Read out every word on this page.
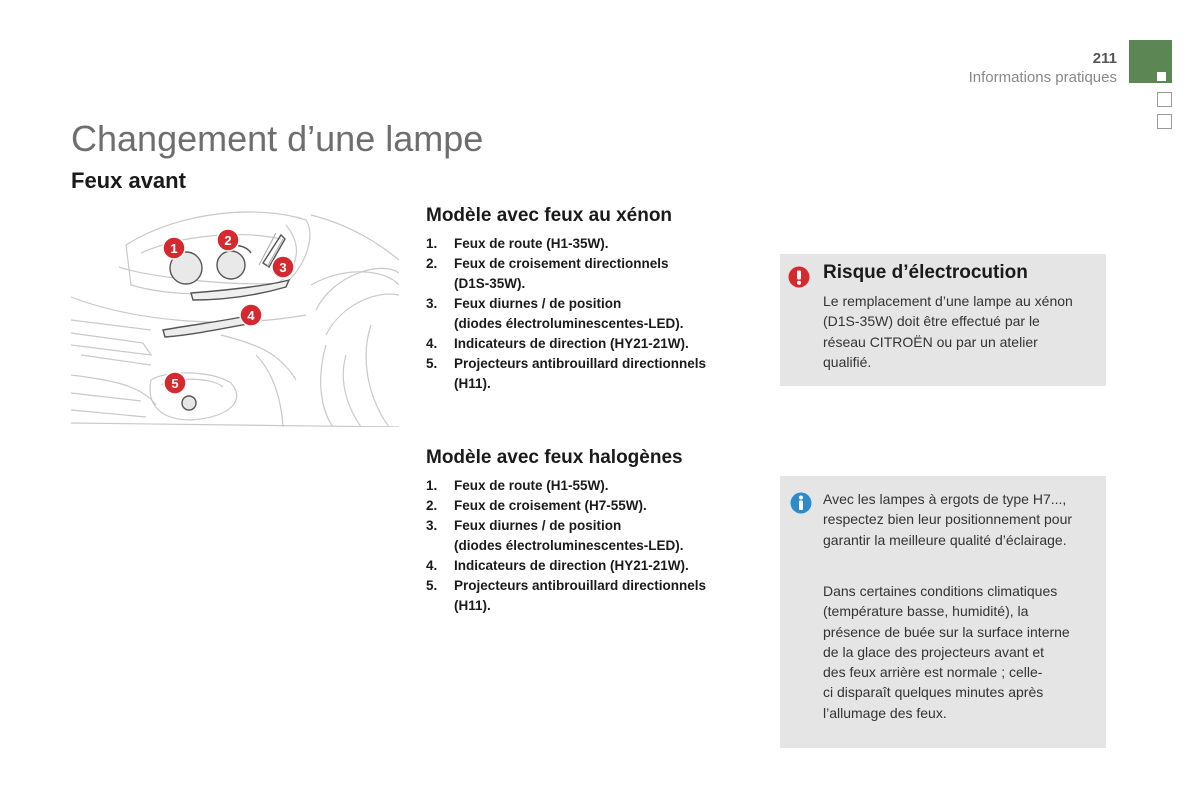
211
Informations pratiques
Changement d’une lampe
Feux avant
1
2
3
4
5
Modèle avec feux au xénon
1. Feux de route (H1-35W).
2. Feux de croisement directionnels
(D1S-35W).
3. Feux diurnes / de position
(diodes électroluminescentes-LED).
4. Indicateurs de direction (HY21-21W).
5. Projecteurs antibrouillard directionnels
(H11).
Modèle avec feux halogènes
1. Feux de route (H1-55W).
2. Feux de croisement (H7-55W).
3. Feux diurnes / de position
(diodes électroluminescentes-LED).
4. Indicateurs de direction (HY21-21W).
5. Projecteurs antibrouillard directionnels
(H11).
Risque d’électrocution
Le remplacement d’une lampe au xénon
(D1S-35W) doit être effectué par le
réseau CITROËN ou par un atelier
qualifié.
Avec les lampes à ergots de type H7...,
respectez bien leur positionnement pour
garantir la meilleure qualité d’éclairage.
Dans certaines conditions climatiques
(température basse, humidité), la
présence de buée sur la surface interne
de la glace des projecteurs avant et
des feux arrière est normale ; celle-
ci disparaît quelques minutes après
l’allumage des feux.
